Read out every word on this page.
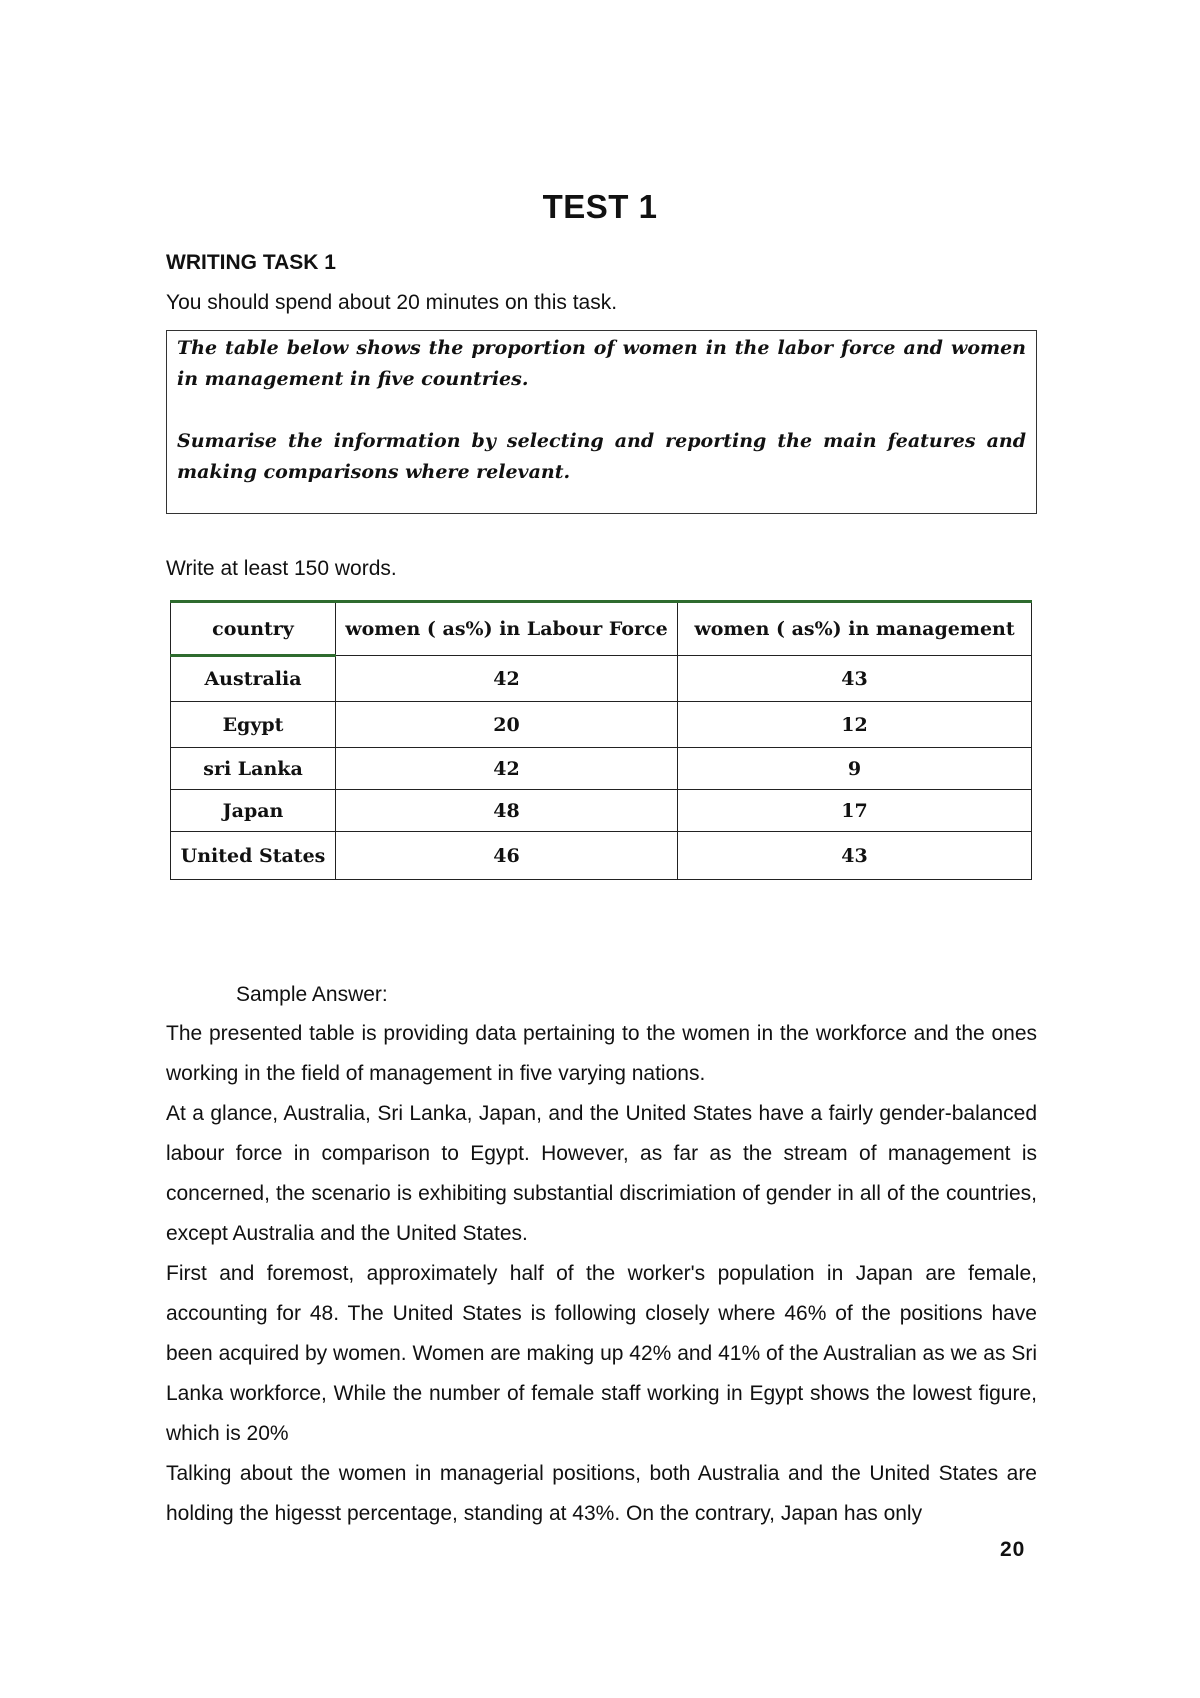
TEST 1
WRITING TASK 1
You should spend about 20 minutes on this task.

The table below shows the proportion of women in the labor force and women in management in five countries.

Sumarise the information by selecting and reporting the main features and making comparisons where relevant.

Write at least 150 words.
country	women ( as%) in Labour Force	women ( as%) in management
Australia	42	43
Egypt	20	12
sri Lanka	42	9
Japan	48	17
United States	46	43
Sample Answer:

The presented table is providing data pertaining to the women in the workforce and the ones working in the field of management in five varying nations.

At a glance, Australia, Sri Lanka, Japan, and the United States have a fairly gender-balanced labour force in comparison to Egypt. However, as far as the stream of management is concerned, the scenario is exhibiting substantial discrimiation of gender in all of the countries, except Australia and the United States.

First and foremost, approximately half of the worker's population in Japan are female, accounting for 48. The United States is following closely where 46% of the positions have been acquired by women. Women are making up 42% and 41% of the Australian as we as Sri Lanka workforce, While the number of female staff working in Egypt shows the lowest figure, which is 20%

Talking about the women in managerial positions, both Australia and the United States are holding the higesst percentage, standing at 43%. On the contrary, Japan has only

20
